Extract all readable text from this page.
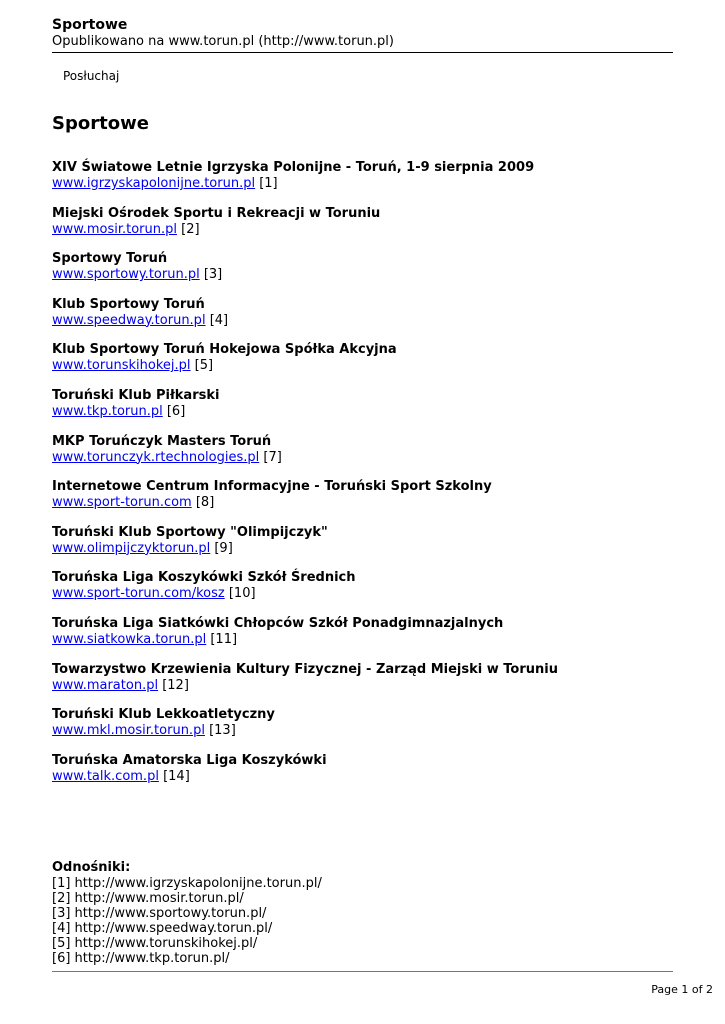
Sportowe
Opublikowano na www.torun.pl (http://www.torun.pl)
Posłuchaj
Sportowe
XIV Światowe Letnie Igrzyska Polonijne - Toruń, 1-9 sierpnia 2009
www.igrzyskapolonijne.torun.pl [1]
Miejski Ośrodek Sportu i Rekreacji w Toruniu
www.mosir.torun.pl [2]
Sportowy Toruń
www.sportowy.torun.pl [3]
Klub Sportowy Toruń
www.speedway.torun.pl [4]
Klub Sportowy Toruń Hokejowa Spółka Akcyjna
www.torunskihokej.pl [5]
Toruński Klub Piłkarski
www.tkp.torun.pl [6]
MKP Toruńczyk Masters Toruń
www.torunczyk.rtechnologies.pl [7]
Internetowe Centrum Informacyjne - Toruński Sport Szkolny
www.sport-torun.com [8]
Toruński Klub Sportowy "Olimpijczyk"
www.olimpijczyktorun.pl [9]
Toruńska Liga Koszykówki Szkół Średnich
www.sport-torun.com/kosz [10]
Toruńska Liga Siatkówki Chłopców Szkół Ponadgimnazjalnych
www.siatkowka.torun.pl [11]
Towarzystwo Krzewienia Kultury Fizycznej - Zarząd Miejski w Toruniu
www.maraton.pl [12]
Toruński Klub Lekkoatletyczny
www.mkl.mosir.torun.pl [13]
Toruńska Amatorska Liga Koszykówki
www.talk.com.pl [14]
Odnośniki:
[1] http://www.igrzyskapolonijne.torun.pl/
[2] http://www.mosir.torun.pl/
[3] http://www.sportowy.torun.pl/
[4] http://www.speedway.torun.pl/
[5] http://www.torunskihokej.pl/
[6] http://www.tkp.torun.pl/
Page 1 of 2
